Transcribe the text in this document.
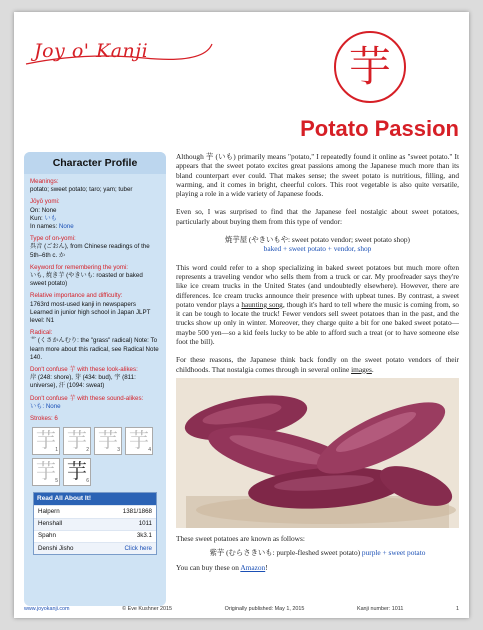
Joy o' Kanji	芋
Potato Passion
Character Profile
Meanings:
potato; sweet potato; taro; yam; tuber
Jōyō yomi:
On: None
Kun: いも
In names: None
Type of on-yomi:
呉音 (ごおん), from Chinese readings of the 5th–6th c. か
Keyword for remembering the yomi:
いも, 焼き芋 (やきいも: roasted or baked sweet potato)
Relative importance and difficulty:
1763rd most-used kanji in newspapers Learned in junior high school in Japan JLPT level: N1
Radical:
艹 (くさかんむり: the "grass" radical) Note: To learn more about this radical, see Radical Note 140.
Don't confuse 芋 with these look-alikes:
岸 (248: shore), 芽 (434: bud), 宇 (811: universe), 汗 (1094: sweat)
Don't confuse 芋 with these sound-alikes:
いも: None
Strokes: 6
芋 1 芋 2 芋 3 芋 4
芋 5 芋 6
Read All About It!
Halpern	1381/1868
Henshall	1011
Spahn	3k3.1
Denshi Jisho	Click here

Although 芋 (いも) primarily means "potato," I repeatedly found it online as "sweet potato." It appears that the sweet potato excites great passions among the Japanese much more than its bland counterpart ever could. That makes sense; the sweet potato is nutritious, filling, and warming, and it comes in bright, cheerful colors. This root vegetable is also quite versatile, playing a role in a wide variety of Japanese foods.

Even so, I was surprised to find that the Japanese feel nostalgic about sweet potatoes, particularly about buying them from this type of vendor:

焼芋屋 (やきいもや: sweet potato vendor; sweet potato shop)
baked + sweet potato + vendor, shop

This word could refer to a shop specializing in baked sweet potatoes but much more often represents a traveling vendor who sells them from a truck or car. My proofreader says they're like ice cream trucks in the United States (and undoubtedly elsewhere). However, there are differences. Ice cream trucks announce their presence with upbeat tunes. By contrast, a sweet potato vendor plays a haunting song, though it's hard to tell where the music is coming from, so it can be tough to locate the truck! Fewer vendors sell sweet potatoes than in the past, and the trucks show up only in winter. Moreover, they charge quite a bit for one baked sweet potato—maybe 500 yen—so a kid feels lucky to be able to afford such a treat (or to have someone else foot the bill).

For these reasons, the Japanese think back fondly on the sweet potato vendors of their childhoods. That nostalgia comes through in several online images.

These sweet potatoes are known as follows:
紫芋 (むらさきいも: purple-fleshed sweet potato) purple + sweet potato
You can buy these on Amazon!
www.joyokanji.com	© Eve Kushner 2015	Originally published: May 1, 2015	Kanji number: 1011	1
